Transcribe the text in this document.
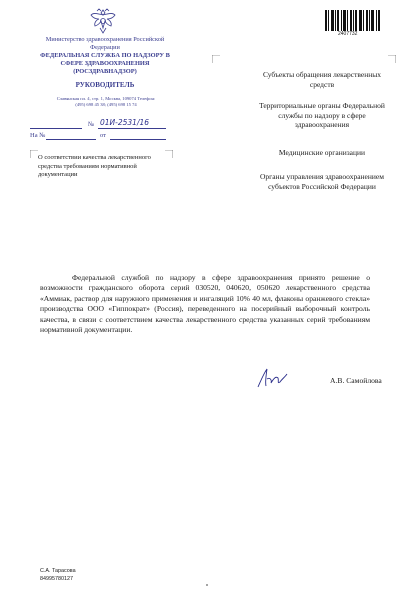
Министерство здравоохранения Российской Федерации
ФЕДЕРАЛЬНАЯ СЛУЖБА ПО НАДЗОРУ В СФЕРЕ ЗДРАВООХРАНЕНИЯ (РОСЗДРАВНАДЗОР)
РУКОВОДИТЕЛЬ
Славянская пл. 4, стр. 1, Москва, 109074 Телефон: (495) 698 45 38; (495) 698 15 74
№ 01И-2531/16
На №	от
О соответствии качества лекарственного средства требованиям нормативной документации
2407732
Субъекты обращения лекарственных средств
Территориальные органы Федеральной службы по надзору в сфере здравоохранения
Медицинские организации
Органы управления здравоохранением субъектов Российской Федерации

Федеральной службой по надзору в сфере здравоохранения принято решение о возможности гражданского оборота серий 030520, 040620, 050620 лекарственного средства «Аммиак, раствор для наружного применения и ингаляций 10% 40 мл, флаконы оранжевого стекла» производства ООО «Гиппократ» (Россия), переведенного на посерийный выборочный контроль качества, в связи с соответствием качества лекарственного средства указанных серий требованиям нормативной документации.

А.В. Самойлова
С.А. Тарасова
84995780127
